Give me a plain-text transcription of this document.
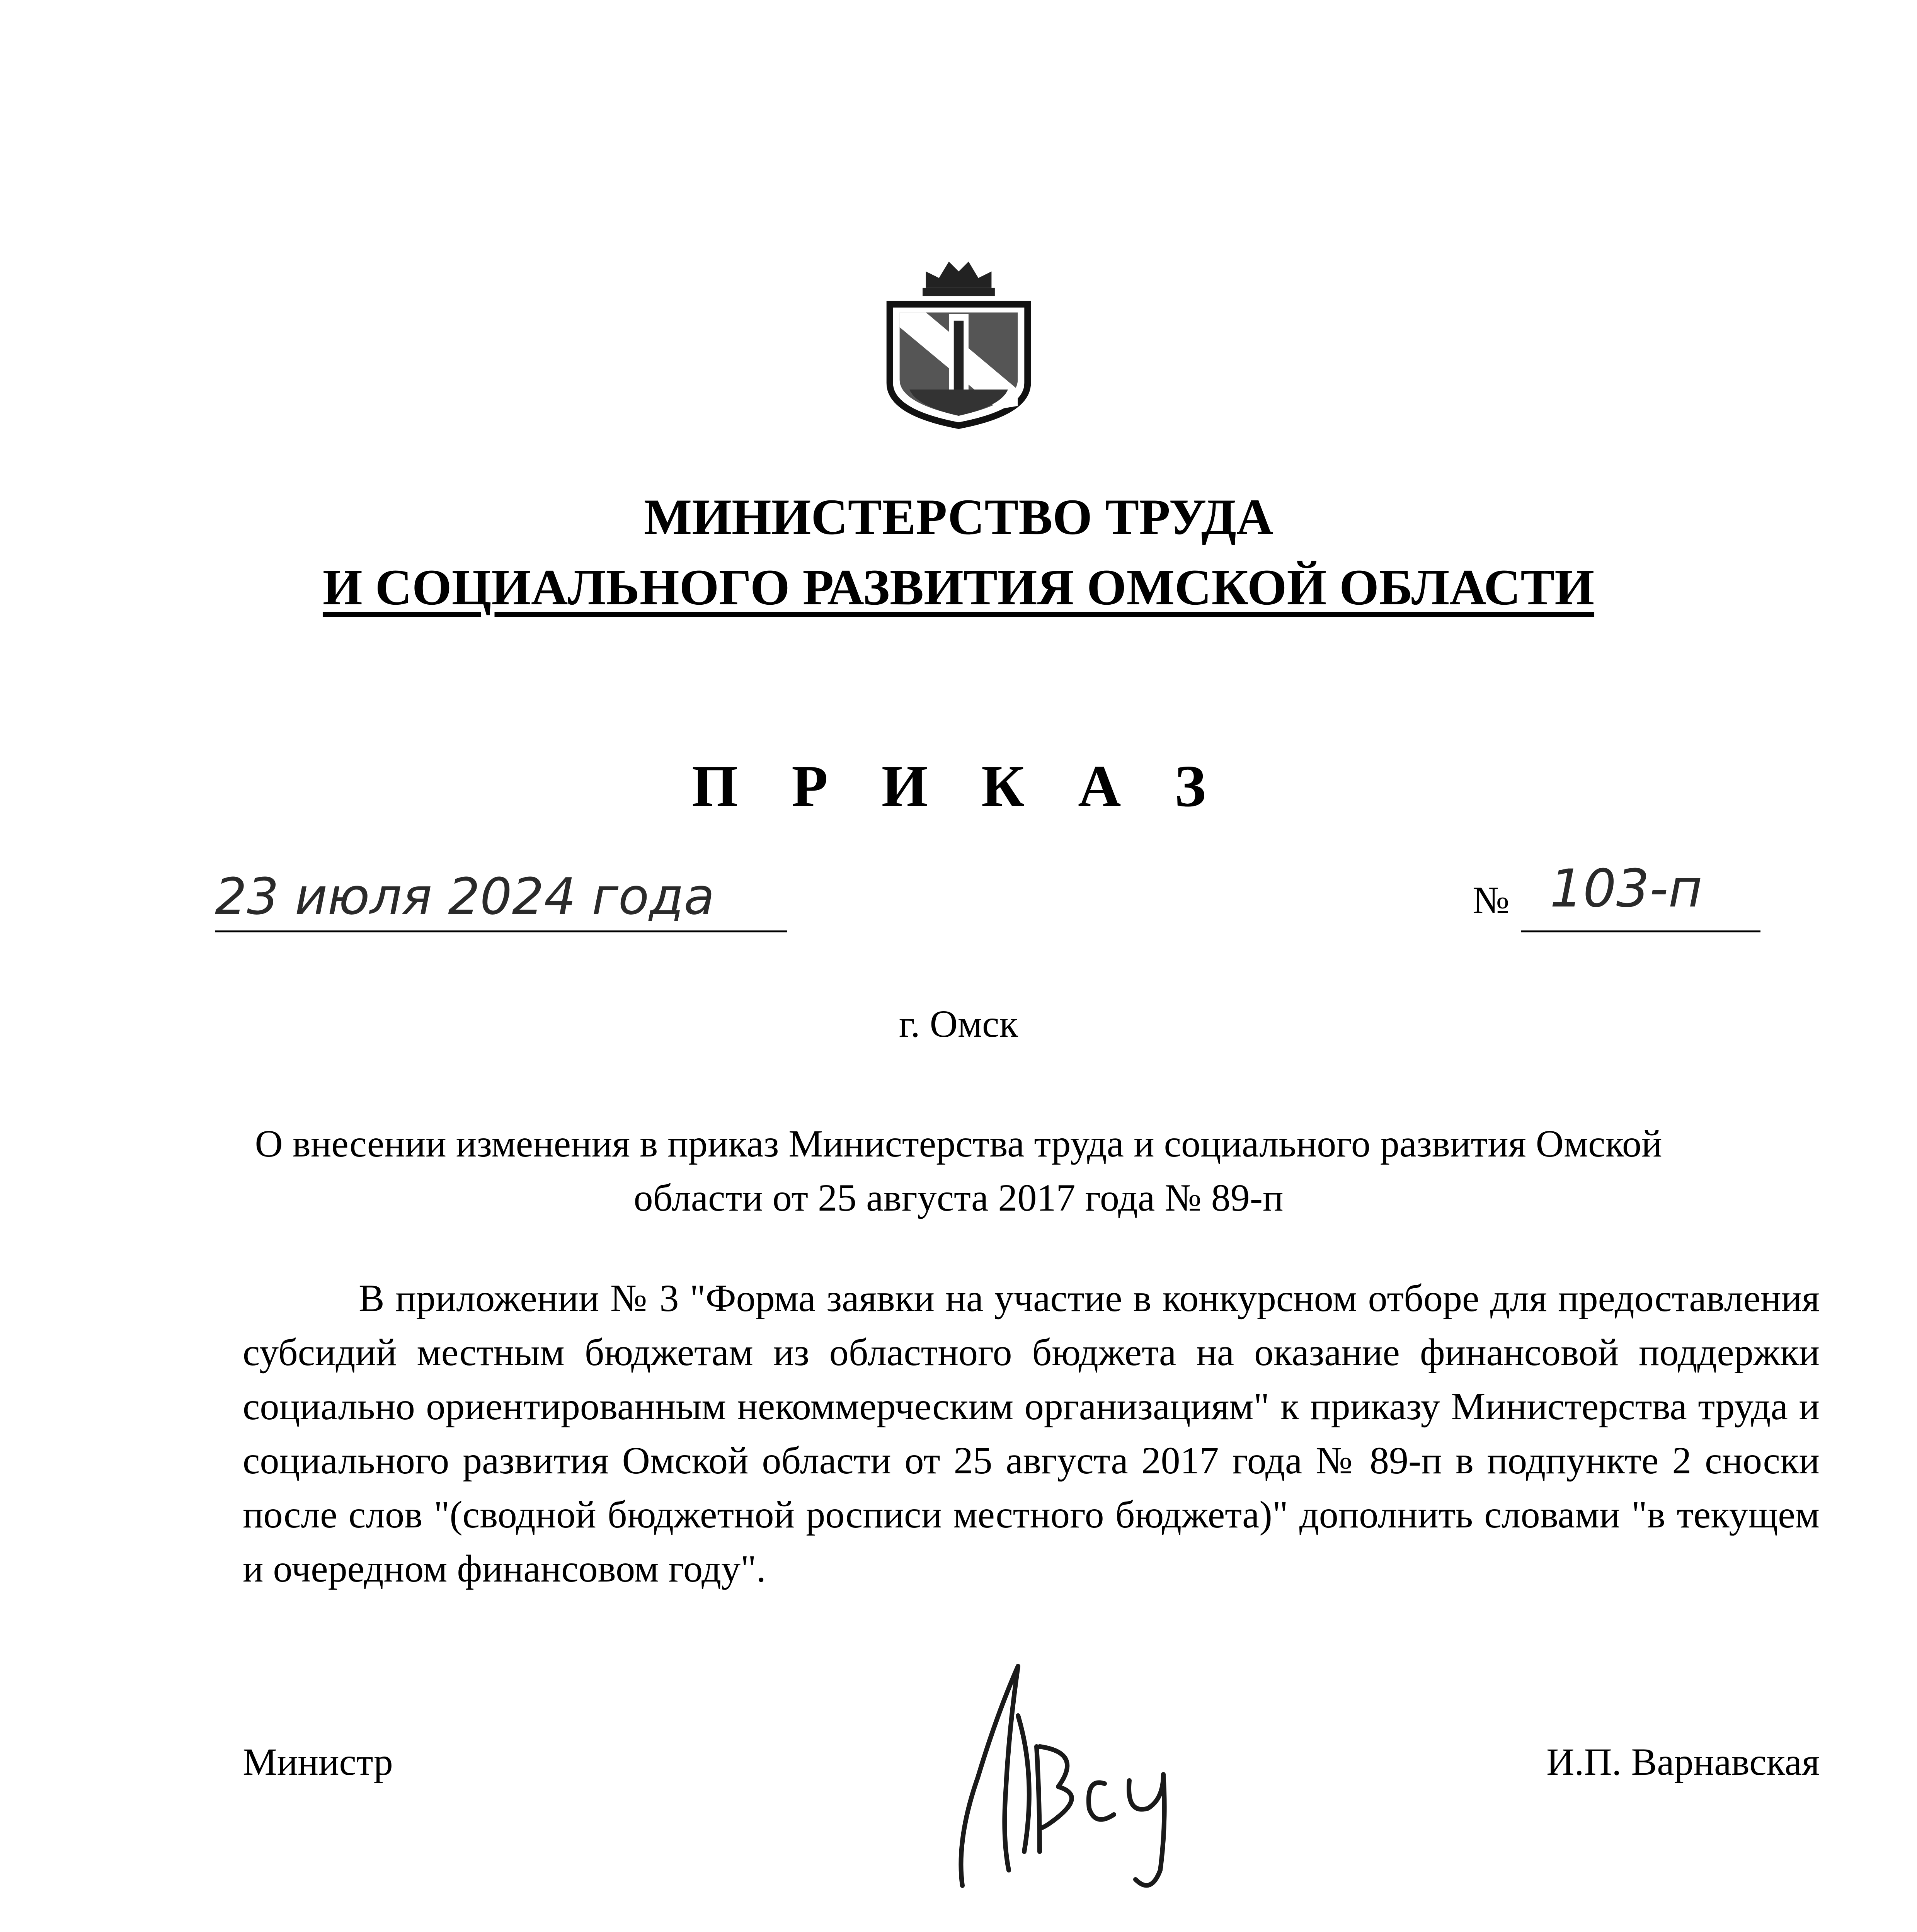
МИНИСТЕРСТВО ТРУДА
И СОЦИАЛЬНОГО РАЗВИТИЯ ОМСКОЙ ОБЛАСТИ
П Р И К А З
23 июля 2024 года	№ 103-п
г. Омск
О внесении изменения в приказ Министерства труда и социального развития Омской области от 25 августа 2017 года № 89-п
В приложении № 3 "Форма заявки на участие в конкурсном отборе для предоставления субсидий местным бюджетам из областного бюджета на оказание финансовой поддержки социально ориентированным некоммерческим организациям" к приказу Министерства труда и социального развития Омской области от 25 августа 2017 года № 89-п в подпункте 2 сноски после слов "(сводной бюджетной росписи местного бюджета)" дополнить словами "в текущем и очередном финансовом году".
Министр	И.П. Варнавская
